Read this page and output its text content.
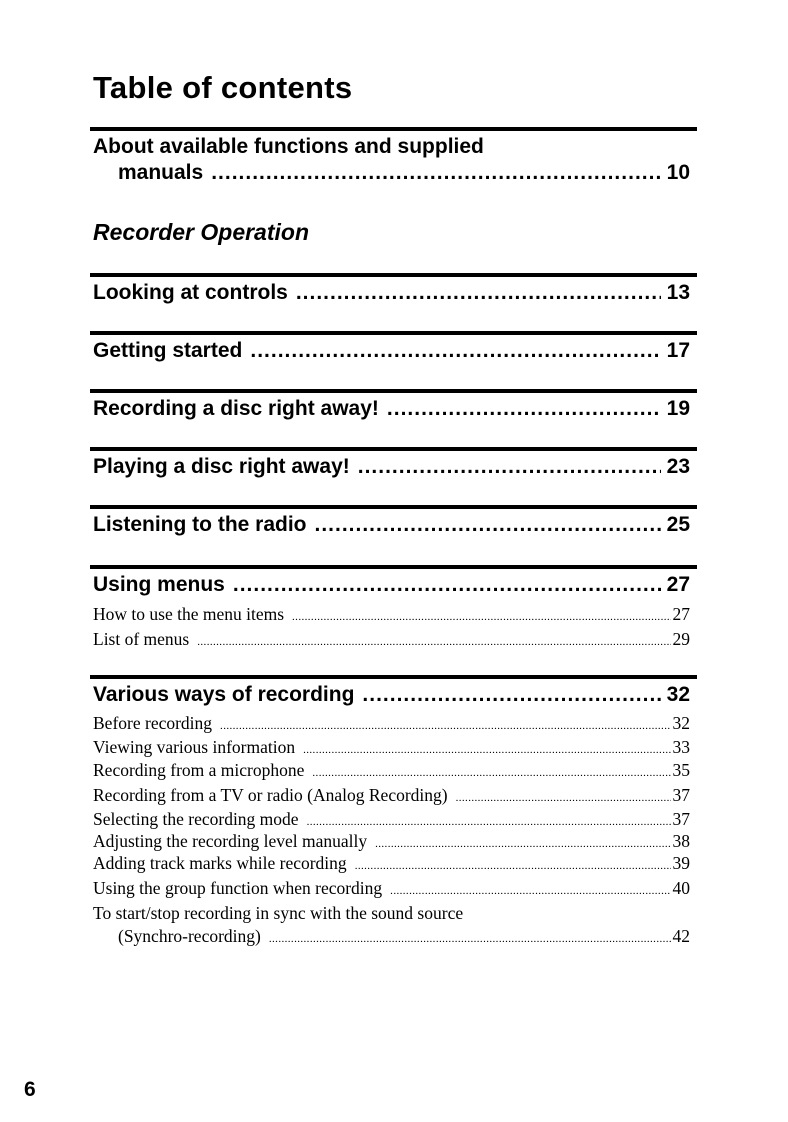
Table of contents
About available functions and supplied
manuals .....	10
Recorder Operation
Looking at controls .....	13
Getting started .....	17
Recording a disc right away! .....	19
Playing a disc right away! .....	23
Listening to the radio .....	25
Using menus .....	27
How to use the menu items .....	27
List of menus .....	29
Various ways of recording .....	32
Before recording .....	32
Viewing various information .....	33
Recording from a microphone .....	35
Recording from a TV or radio (Analog Recording) .....	37
Selecting the recording mode .....	37
Adjusting the recording level manually .....	38
Adding track marks while recording .....	39
Using the group function when recording .....	40
To start/stop recording in sync with the sound source
(Synchro-recording) .....	42
6
